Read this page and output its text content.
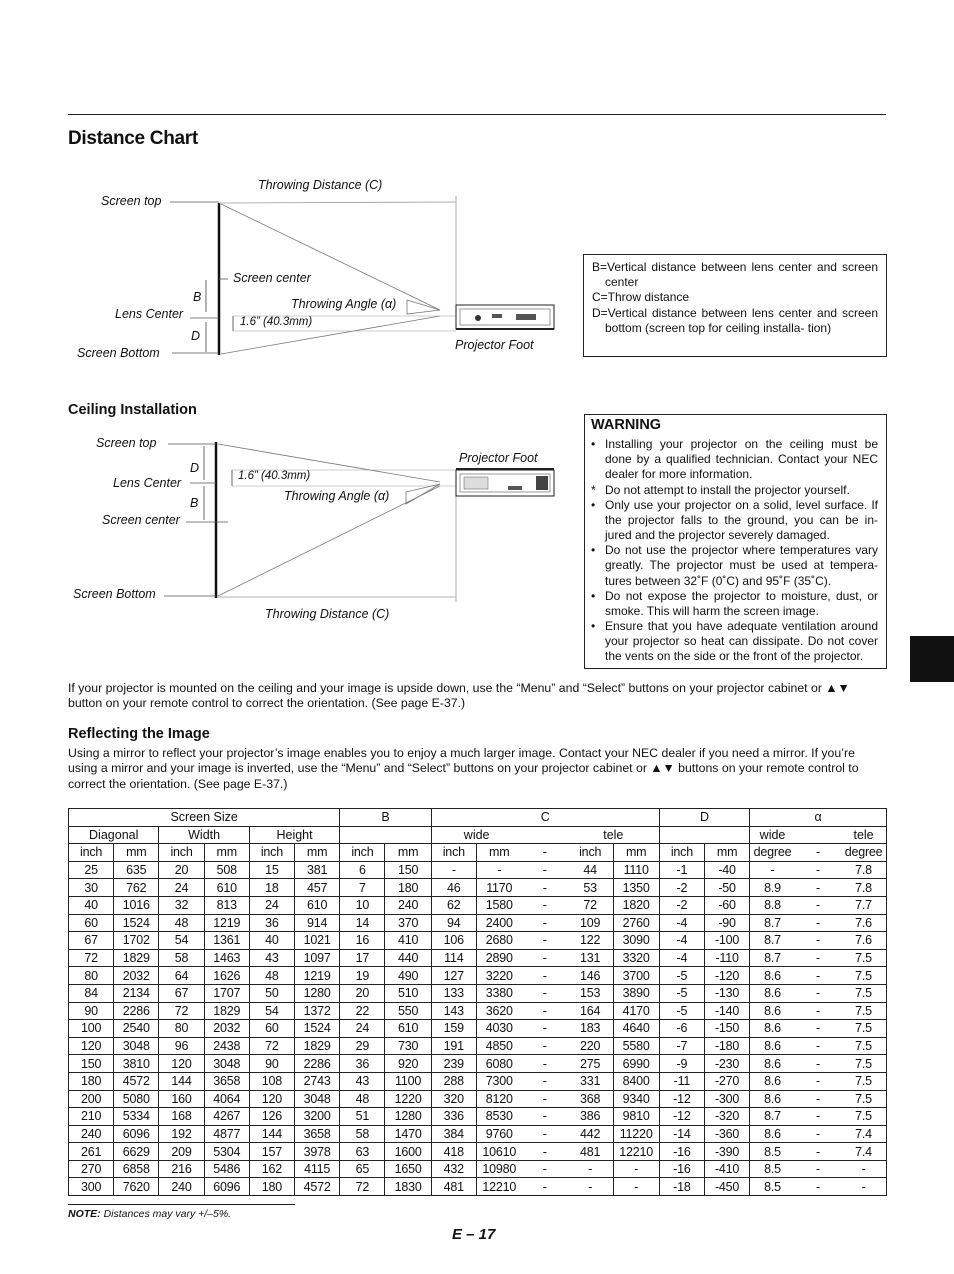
Distance Chart
Throwing Distance (C)
Screen top
Screen center
B
Lens Center
D
Screen Bottom
Throwing Angle (α)
1.6” (40.3mm)
Projector Foot
B=Vertical distance between lens center and screen center
C=Throw distance
D=Vertical distance between lens center and screen bottom (screen top for ceiling installa- tion)
Ceiling Installation
Screen top
D
Lens Center
B
Screen center
Screen Bottom
1.6” (40.3mm)
Throwing Angle (α)
Projector Foot
Throwing Distance (C)
WARNING
• Installing your projector on the ceiling must be done by a qualified technician. Contact your NEC dealer for more information.
* Do not attempt to install the projector yourself.
• Only use your projector on a solid, level surface. If the projector falls to the ground, you can be in- jured and the projector severely damaged.
• Do not use the projector where temperatures vary greatly. The projector must be used at tempera- tures between 32˚F (0˚C) and 95˚F (35˚C).
• Do not expose the projector to moisture, dust, or smoke. This will harm the screen image.
• Ensure that you have adequate ventilation around your projector so heat can dissipate. Do not cover the vents on the side or the front of the projector.
If your projector is mounted on the ceiling and your image is upside down, use the “Menu” and “Select” buttons on your projector cabinet or ▲▼ button on your remote control to correct the orientation. (See page E-37.)
Reflecting the Image
Using a mirror to reflect your projector’s image enables you to enjoy a much larger image. Contact your NEC dealer if you need a mirror. If you’re using a mirror and your image is inverted, use the “Menu” and “Select” buttons on your projector cabinet or ▲▼ buttons on your remote control to correct the orientation. (See page E-37.)
Screen Size						B		C					D		α		
Diagonal		Width		Height				wide			tele				wide		tele
inch	mm	inch	mm	inch	mm	inch	mm	inch	mm	-	inch	mm	inch	mm	degree	-	degree
25	635	20	508	15	381	6	150	-	-	-	44	1110	-1	-40	-	-	7.8
30	762	24	610	18	457	7	180	46	1170	-	53	1350	-2	-50	8.9	-	7.8
40	1016	32	813	24	610	10	240	62	1580	-	72	1820	-2	-60	8.8	-	7.7
60	1524	48	1219	36	914	14	370	94	2400	-	109	2760	-4	-90	8.7	-	7.6
67	1702	54	1361	40	1021	16	410	106	2680	-	122	3090	-4	-100	8.7	-	7.6
72	1829	58	1463	43	1097	17	440	114	2890	-	131	3320	-4	-110	8.7	-	7.5
80	2032	64	1626	48	1219	19	490	127	3220	-	146	3700	-5	-120	8.6	-	7.5
84	2134	67	1707	50	1280	20	510	133	3380	-	153	3890	-5	-130	8.6	-	7.5
90	2286	72	1829	54	1372	22	550	143	3620	-	164	4170	-5	-140	8.6	-	7.5
100	2540	80	2032	60	1524	24	610	159	4030	-	183	4640	-6	-150	8.6	-	7.5
120	3048	96	2438	72	1829	29	730	191	4850	-	220	5580	-7	-180	8.6	-	7.5
150	3810	120	3048	90	2286	36	920	239	6080	-	275	6990	-9	-230	8.6	-	7.5
180	4572	144	3658	108	2743	43	1100	288	7300	-	331	8400	-11	-270	8.6	-	7.5
200	5080	160	4064	120	3048	48	1220	320	8120	-	368	9340	-12	-300	8.6	-	7.5
210	5334	168	4267	126	3200	51	1280	336	8530	-	386	9810	-12	-320	8.7	-	7.5
240	6096	192	4877	144	3658	58	1470	384	9760	-	442	11220	-14	-360	8.6	-	7.4
261	6629	209	5304	157	3978	63	1600	418	10610	-	481	12210	-16	-390	8.5	-	7.4
270	6858	216	5486	162	4115	65	1650	432	10980	-	-	-	-16	-410	8.5	-	-
300	7620	240	6096	180	4572	72	1830	481	12210	-	-	-	-18	-450	8.5	-	-
NOTE: Distances may vary +/–5%.
E – 17
